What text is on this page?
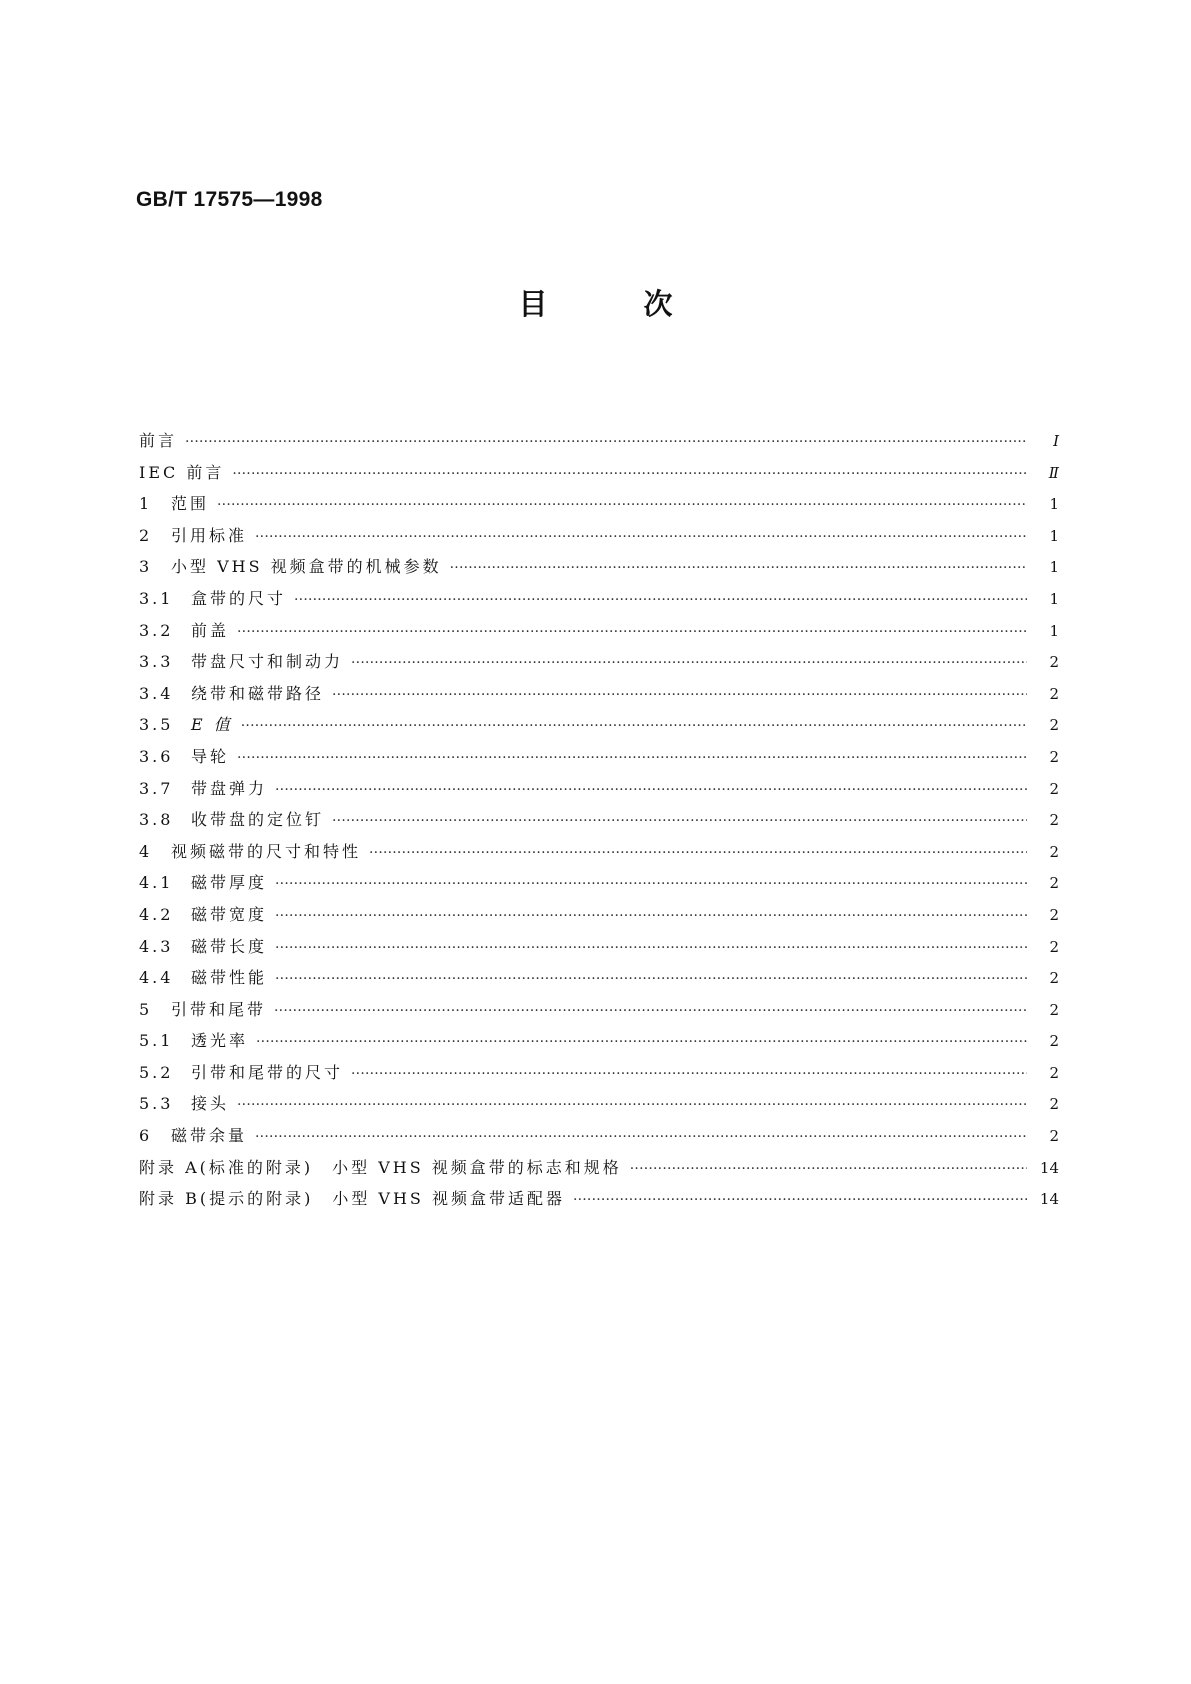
GB/T 17575—1998
目	次
前言 ·····	I
IEC 前言 ·····	Ⅱ
1	范围 ·····	1
2	引用标准 ·····	1
3	小型 VHS 视频盒带的机械参数 ·····	1
3.1	盒带的尺寸 ·····	1
3.2	前盖 ·····	1
3.3	带盘尺寸和制动力 ·····	2
3.4	绕带和磁带路径 ·····	2
3.5	E 值 ·····	2
3.6	导轮 ·····	2
3.7	带盘弹力 ·····	2
3.8	收带盘的定位钉 ·····	2
4	视频磁带的尺寸和特性 ·····	2
4.1	磁带厚度 ·····	2
4.2	磁带宽度 ·····	2
4.3	磁带长度 ·····	2
4.4	磁带性能 ·····	2
5	引带和尾带 ·····	2
5.1	透光率 ·····	2
5.2	引带和尾带的尺寸 ·····	2
5.3	接头 ·····	2
6	磁带余量 ·····	2
附录 A(标准的附录)　小型 VHS 视频盒带的标志和规格 ·····	14
附录 B(提示的附录)　小型 VHS 视频盒带适配器 ·····	14
